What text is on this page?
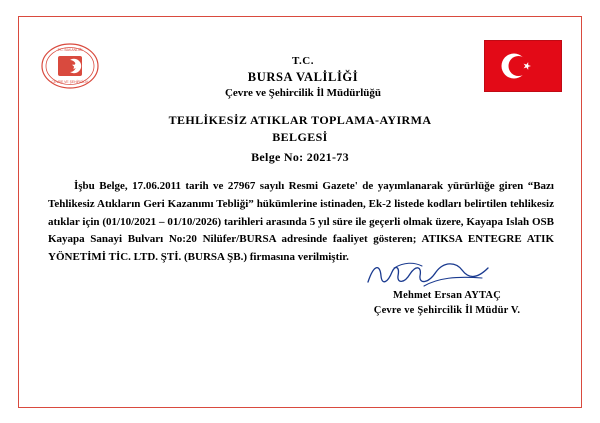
ÇEVRE VE ŞEHİRCİLİK
T.C. BAKANLIĞI
T.C.
BURSA VALİLİĞİ
Çevre ve Şehircilik İl Müdürlüğü
TEHLİKESİZ ATIKLAR TOPLAMA-AYIRMA
BELGESİ
Belge No: 2021-73
İşbu Belge, 17.06.2011 tarih ve 27967 sayılı Resmi Gazete' de yayımlanarak yürürlüğe giren “Bazı Tehlikesiz Atıkların Geri Kazanımı Tebliği” hükümlerine istinaden, Ek-2 listede kodları belirtilen tehlikesiz atıklar için (01/10/2021 – 01/10/2026) tarihleri arasında 5 yıl süre ile geçerli olmak üzere, Kayapa Islah OSB Kayapa Sanayi Bulvarı No:20 Nilüfer/BURSA adresinde faaliyet gösteren; ATIKSA ENTEGRE ATIK YÖNETİMİ TİC. LTD. ŞTİ. (BURSA ŞB.) firmasına verilmiştir.
Mehmet Ersan AYTAÇ
Çevre ve Şehircilik İl Müdür V.
